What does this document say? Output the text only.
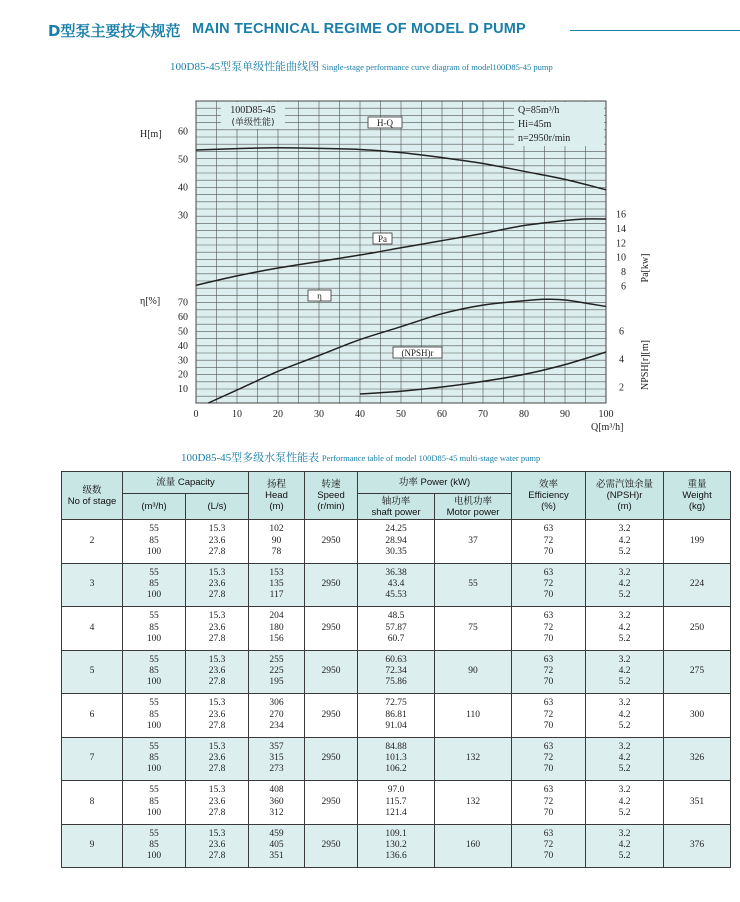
D型泵主要技术规范 MAIN TECHNICAL REGIME OF MODEL D PUMP
100D85-45型泵单级性能曲线图 Single-stage performance curve diagram of model100D85-45 pump
0	10	20	30	40	50	60	70	80	90	100
Q[m³/h]
60
50
40
30
H[m]
70
60
50
40
30
20
10
η[%]
16
14
12
10
8
6
Pa[kw]
6
4
2 NPSH[r][m]
100D85-45
(单级性能)
Q=85m³/h
Hi=45m
n=2950r/min
H-Q
Pa
η
(NPSH)r
100D85-45型多级水泵性能表 Performance table of model 100D85-45 multi-stage water pump
级数
No of stage	流量 Capacity		扬程
Head
(m)	转速
Speed
(r/min)	功率 Power (kW)		效率
Efficiency
(%)	必需汽蚀余量
(NPSH)r
(m)	重量
Weight
(kg)
	(m³/h)	(L/s)			轴功率
shaft power	电机功率
Motor power			
2	55
85
100	15.3
23.6
27.8	102
90
78	2950	24.25
28.94
30.35	37	63
72
70	3.2
4.2
5.2	199
3	55
85
100	15.3
23.6
27.8	153
135
117	2950	36.38
43.4
45.53	55	63
72
70	3.2
4.2
5.2	224
4	55
85
100	15.3
23.6
27.8	204
180
156	2950	48.5
57.87
60.7	75	63
72
70	3.2
4.2
5.2	250
5	55
85
100	15.3
23.6
27.8	255
225
195	2950	60.63
72.34
75.86	90	63
72
70	3.2
4.2
5.2	275
6	55
85
100	15.3
23.6
27.8	306
270
234	2950	72.75
86.81
91.04	110	63
72
70	3.2
4.2
5.2	300
7	55
85
100	15.3
23.6
27.8	357
315
273	2950	84.88
101.3
106.2	132	63
72
70	3.2
4.2
5.2	326
8	55
85
100	15.3
23.6
27.8	408
360
312	2950	97.0
115.7
121.4	132	63
72
70	3.2
4.2
5.2	351
9	55
85
100	15.3
23.6
27.8	459
405
351	2950	109.1
130.2
136.6	160	63
72
70	3.2
4.2
5.2	376
